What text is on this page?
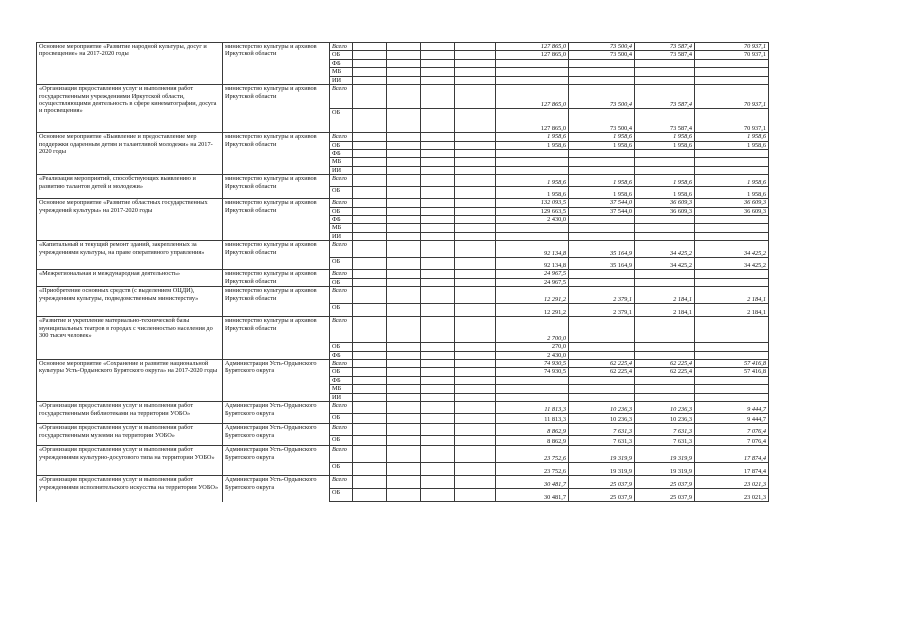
Основное мероприятие «Развитие народной культуры, досуг и просвещение» на 2017-2020 годы	министерство культуры и архивов Иркутской области	Всего					127 865,0	73 500,4	73 587,4	70 937,1
		ОБ					127 865,0	73 500,4	73 587,4	70 937,1
		ФБ								
		МБ								
		ИИ								
«Организация предоставления услуг и выполнения работ государственными учреждениями Иркутской области, осуществляющими деятельность в сфере кинематографии, досуга и просвещения»	министерство культуры и архивов Иркутской области	Всего					127 865,0	73 500,4	73 587,4	70 937,1
		ОБ					127 865,0	73 500,4	73 587,4	70 937,1
Основное мероприятие «Выявление и предоставление мер поддержки одаренным детям и талантливой молодежи» на 2017-2020 годы	министерство культуры и архивов Иркутской области	Всего					1 958,6	1 958,6	1 958,6	1 958,6
		ОБ					1 958,6	1 958,6	1 958,6	1 958,6
		ФБ								
		МБ								
		ИИ								
«Реализация мероприятий, способствующих выявлению и развитию талантов детей и молодежи»	министерство культуры и архивов Иркутской области	Всего					1 958,6	1 958,6	1 958,6	1 958,6
		ОБ					1 958,6	1 958,6	1 958,6	1 958,6
Основное мероприятие «Развитие областных государственных учреждений культуры» на 2017-2020 годы	министерство культуры и архивов Иркутской области	Всего					132 093,5	37 544,0	36 609,3	36 609,3
		ОБ					129 663,5	37 544,0	36 609,3	36 609,3
		ФБ					2 430,0			
		МБ								
		ИИ								
«Капитальный и текущий ремонт зданий, закрепленных за учреждениями культуры, на праве оперативного управления»	министерство культуры и архивов Иркутской области	Всего					92 134,8	35 164,9	34 425,2	34 425,2
		ОБ					92 134,8	35 164,9	34 425,2	34 425,2
«Межрегиональная и международная деятельность»	министерство культуры и архивов Иркутской области	Всего					24 967,5			
		ОБ					24 967,5			
«Приобретение основных средств (с выделением ОЦДИ), учреждениям культуры, подведомственным министерству»	министерство культуры и архивов Иркутской области	Всего					12 291,2	2 379,1	2 184,1	2 184,1
		ОБ					12 291,2	2 379,1	2 184,1	2 184,1
«Развитие и укрепление материально-технической базы муниципальных театров в городах с численностью населения до 300 тысяч человек»	министерство культуры и архивов Иркутской области	Всего					2 700,0			
		ОБ					270,0			
		ФБ					2 430,0			
Основное мероприятие «Сохранение и развитие национальной культуры Усть-Ордынского Бурятского округа» на 2017-2020 годы	Администрация Усть-Ордынского Бурятского округа	Всего					74 930,5	62 225,4	62 225,4	57 416,8
		ОБ					74 930,5	62 225,4	62 225,4	57 416,8
		ФБ								
		МБ								
		ИИ								
«Организация предоставления услуг и выполнения работ государственными библиотеками на территории УОБО»	Администрация Усть-Ордынского Бурятского округа	Всего					11 813,3	10 236,3	10 236,3	9 444,7
		ОБ					11 813,3	10 236,3	10 236,3	9 444,7
«Организация предоставления услуг и выполнения работ государственными музеями на территории УОБО»	Администрация Усть-Ордынского Бурятского округа	Всего					8 862,9	7 631,3	7 631,3	7 076,4
		ОБ					8 862,9	7 631,3	7 631,3	7 076,4
«Организация предоставления услуг и выполнения работ учреждениями культурно-досугового типа на территории УОБО»	Администрация Усть-Ордынского Бурятского округа	Всего					23 752,6	19 319,9	19 319,9	17 874,4
		ОБ					23 752,6	19 319,9	19 319,9	17 874,4
«Организация предоставления услуг и выполнения работ учреждениями исполнительского искусства на территории УОБО»	Администрация Усть-Ордынского Бурятского округа	Всего					30 481,7	25 037,9	25 037,9	23 021,3
		ОБ					30 481,7	25 037,9	25 037,9	23 021,3
